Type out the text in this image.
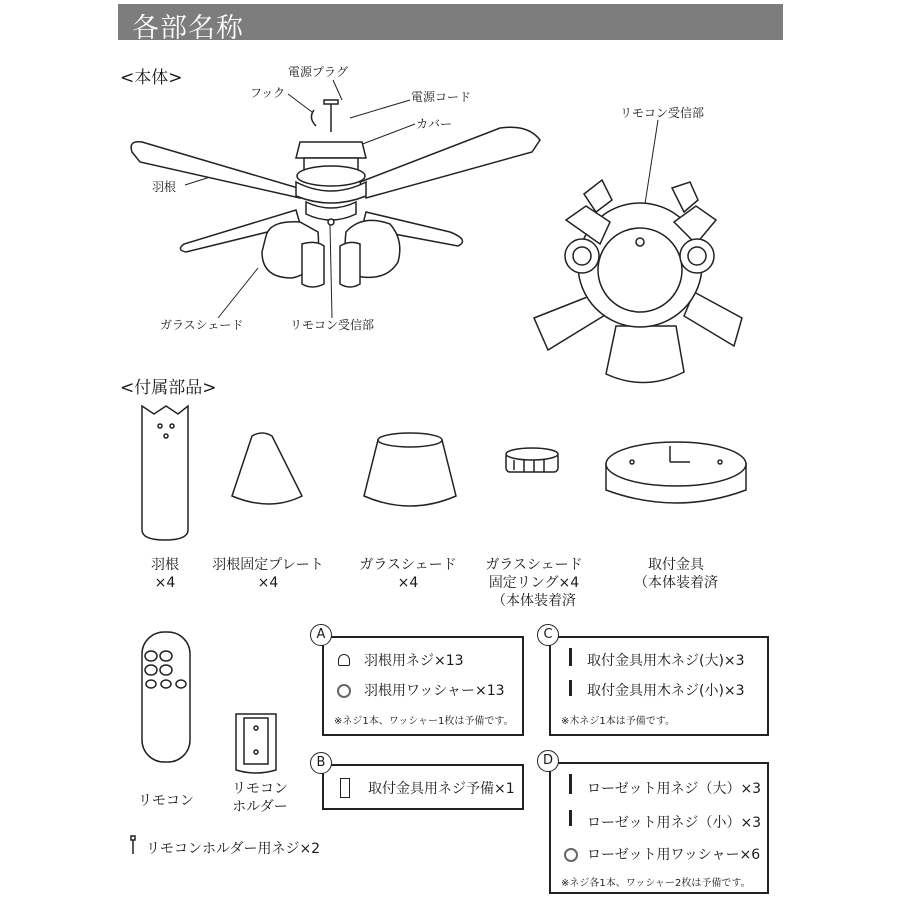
各部名称
<本体>	電源プラグ
フック	電源コード
カバー
羽根
ガラスシェード	リモコン受信部
リモコン受信部
<付属部品>
羽根
×4
羽根固定プレート
×4
ガラスシェード
×4
ガラスシェード
固定リング×4
（本体装着済
取付金具
（本体装着済
リモコン
リモコン
ホルダー
リモコンホルダー用ネジ×2
A
羽根用ネジ×13
羽根用ワッシャー×13
※ネジ1本、ワッシャー1枚は予備です。
B
取付金具用ネジ予備×1
C
取付金具用木ネジ(大)×3
取付金具用木ネジ(小)×3
※木ネジ1本は予備です。
D
ローゼット用ネジ（大）×3
ローゼット用ネジ（小）×3
ローゼット用ワッシャー×6
※ネジ各1本、ワッシャー2枚は予備です。
